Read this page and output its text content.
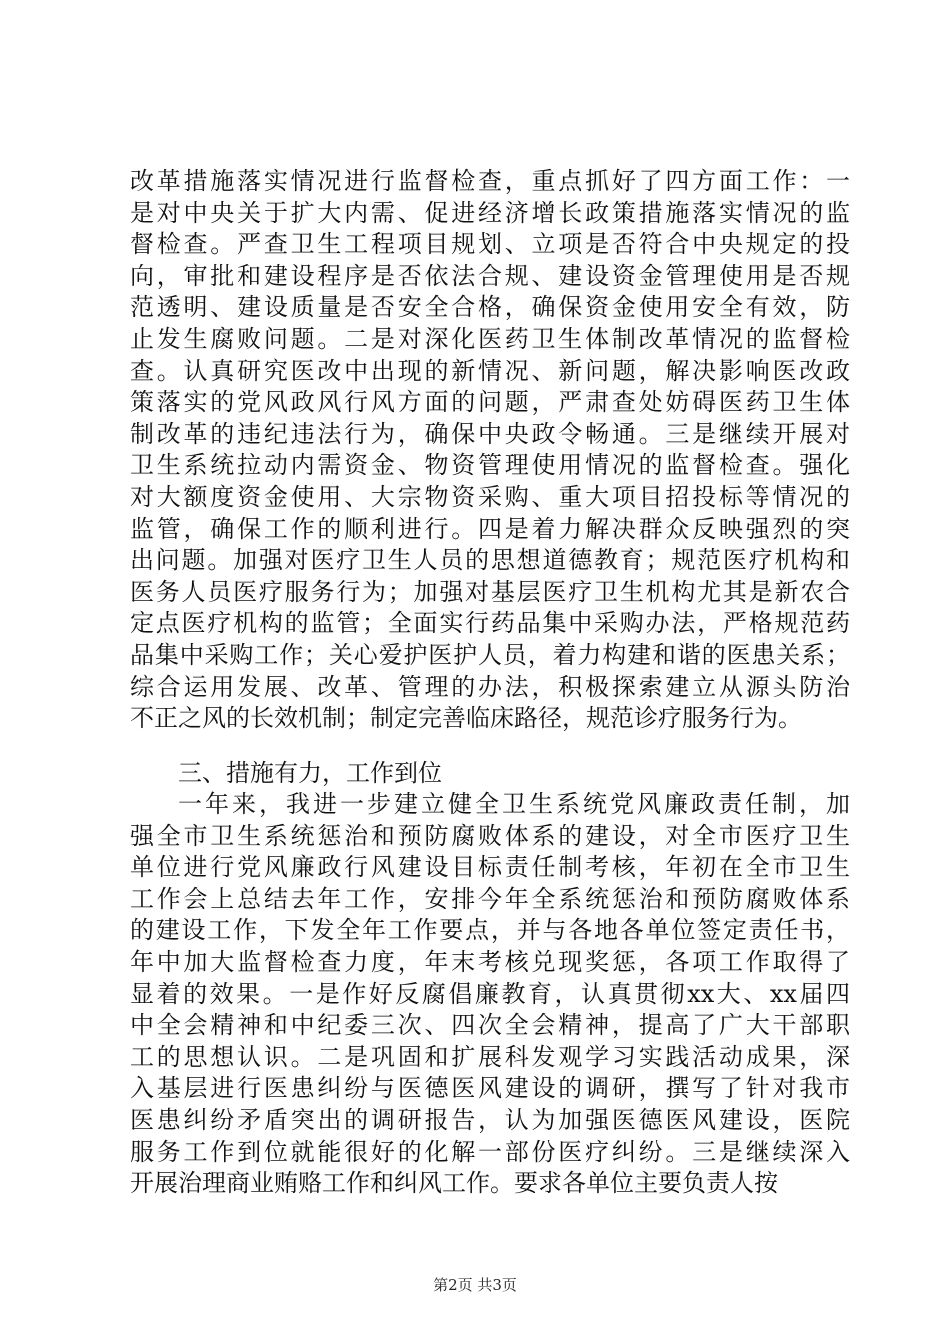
改革措施落实情况进行监督检查，重点抓好了四方面工作：一
是对中央关于扩大内需、促进经济增长政策措施落实情况的监
督检查。严查卫生工程项目规划、立项是否符合中央规定的投
向，审批和建设程序是否依法合规、建设资金管理使用是否规
范透明、建设质量是否安全合格，确保资金使用安全有效，防
止发生腐败问题。二是对深化医药卫生体制改革情况的监督检
查。认真研究医改中出现的新情况、新问题，解决影响医改政
策落实的党风政风行风方面的问题，严肃查处妨碍医药卫生体
制改革的违纪违法行为，确保中央政令畅通。三是继续开展对
卫生系统拉动内需资金、物资管理使用情况的监督检查。强化
对大额度资金使用、大宗物资采购、重大项目招投标等情况的
监管，确保工作的顺利进行。四是着力解决群众反映强烈的突
出问题。加强对医疗卫生人员的思想道德教育；规范医疗机构和
医务人员医疗服务行为；加强对基层医疗卫生机构尤其是新农合
定点医疗机构的监管；全面实行药品集中采购办法，严格规范药
品集中采购工作；关心爱护医护人员，着力构建和谐的医患关系；
综合运用发展、改革、管理的办法，积极探索建立从源头防治
不正之风的长效机制；制定完善临床路径，规范诊疗服务行为。
三、措施有力，工作到位
一年来，我进一步建立健全卫生系统党风廉政责任制，加
强全市卫生系统惩治和预防腐败体系的建设，对全市医疗卫生
单位进行党风廉政行风建设目标责任制考核，年初在全市卫生
工作会上总结去年工作，安排今年全系统惩治和预防腐败体系
的建设工作，下发全年工作要点，并与各地各单位签定责任书，
年中加大监督检查力度，年末考核兑现奖惩，各项工作取得了
显着的效果。一是作好反腐倡廉教育，认真贯彻xx大、xx届四
中全会精神和中纪委三次、四次全会精神，提高了广大干部职
工的思想认识。二是巩固和扩展科发观学习实践活动成果，深
入基层进行医患纠纷与医德医风建设的调研，撰写了针对我市
医患纠纷矛盾突出的调研报告，认为加强医德医风建设，医院
服务工作到位就能很好的化解一部份医疗纠纷。三是继续深入
开展治理商业贿赂工作和纠风工作。要求各单位主要负责人按
第2页 共3页
